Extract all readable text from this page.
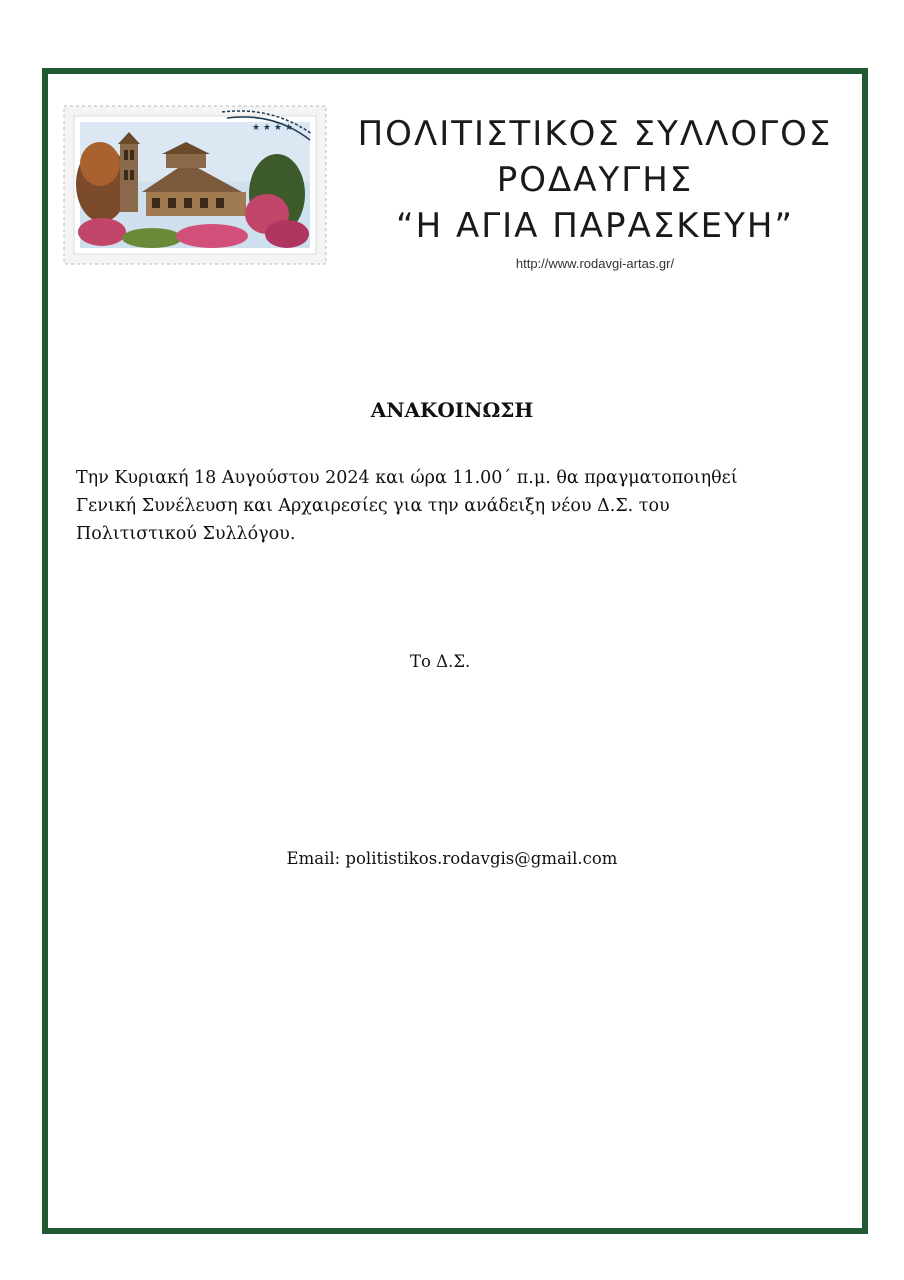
★ ★ ★ ★	ΠΟΛΙΤΙΣΤΙΚΟΣ ΣΥΛΛΟΓΟΣ
ΡΟΔΑΥΓΗΣ
“Η ΑΓΙΑ ΠΑΡΑΣΚΕΥΗ”
http://www.rodavgi-artas.gr/
ΑΝΑΚΟΙΝΩΣΗ
Την Κυριακή 18 Αυγούστου 2024 και ώρα 11.00΄ π.μ. θα πραγματοποιηθεί
Γενική Συνέλευση και Αρχαιρεσίες για την ανάδειξη νέου Δ.Σ. του
Πολιτιστικού Συλλόγου.
Το Δ.Σ.
Email: politistikos.rodavgis@gmail.com
